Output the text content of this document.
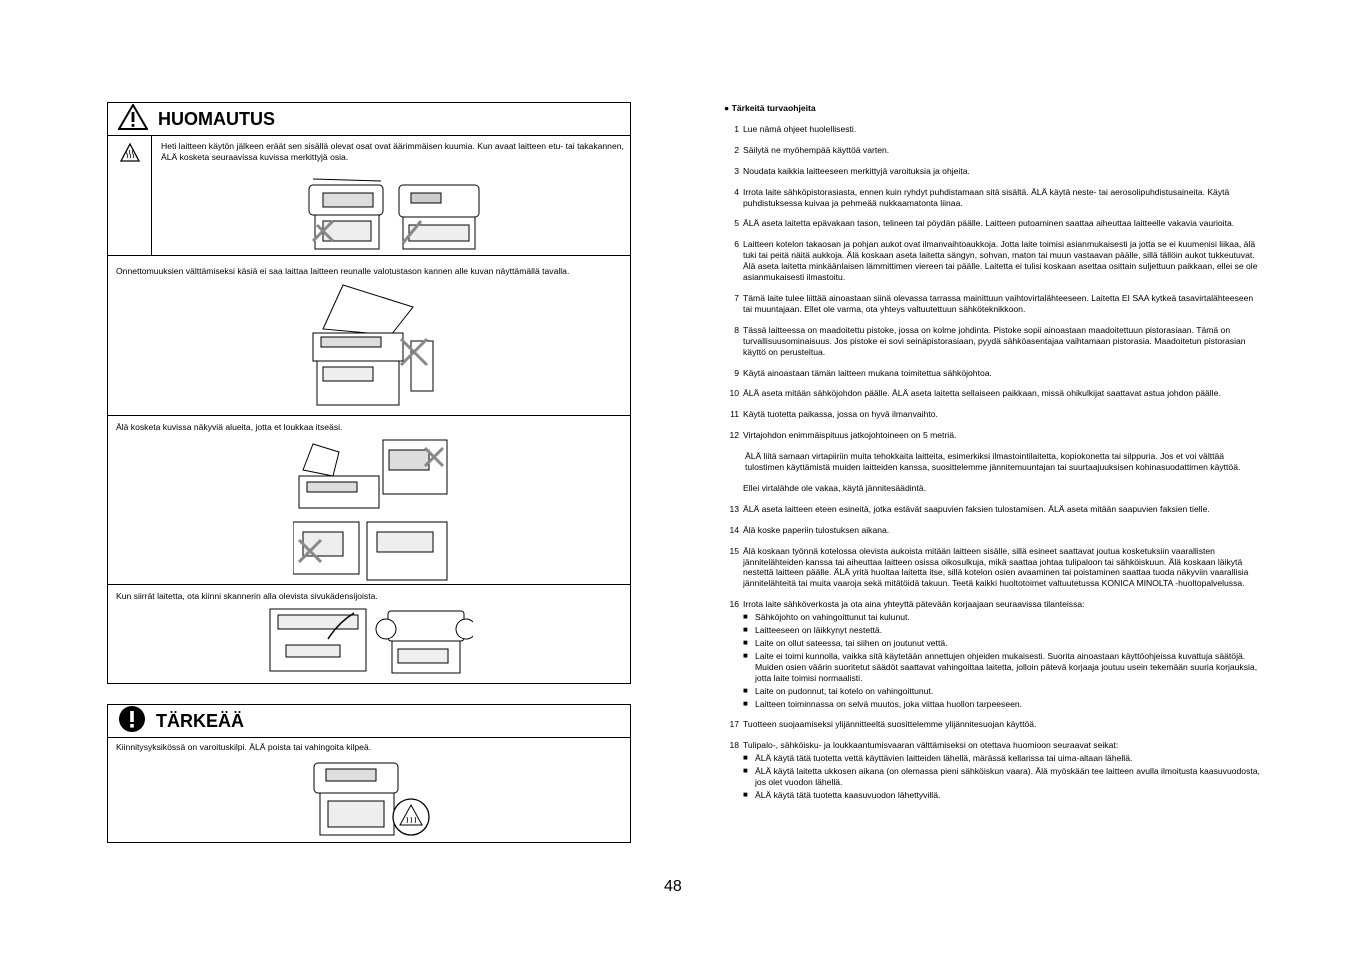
HUOMAUTUS
Heti laitteen käytön jälkeen eräät sen sisällä olevat osat ovat äärimmäisen kuumia. Kun avaat laitteen etu- tai takakannen, ÄLÄ kosketa seuraavissa kuvissa merkittyjä osia.
Onnettomuuksien välttämiseksi käsiä ei saa laittaa laitteen reunalle valotustason kannen alle kuvan näyttämällä tavalla.
Älä kosketa kuvissa näkyviä alueita, jotta et loukkaa itseäsi.
Kun siirrät laitetta, ota kiinni skannerin alla olevista sivukädensijoista.
TÄRKEÄÄ
Kiinnitysyksikössä on varoituskilpi. ÄLÄ poista tai vahingoita kilpeä.
● Tärkeitä turvaohjeita
1 Lue nämä ohjeet huolellisesti.
2 Säilytä ne myöhempää käyttöä varten.
3 Noudata kaikkia laitteeseen merkittyjä varoituksia ja ohjeita.
4 Irrota laite sähköpistorasiasta, ennen kuin ryhdyt puhdistamaan sitä sisältä. ÄLÄ käytä neste- tai aerosolipuhdistusaineita. Käytä puhdistuksessa kuivaa ja pehmeää nukkaamatonta liinaa.
5 ÄLÄ aseta laitetta epävakaan tason, telineen tai pöydän päälle. Laitteen putoaminen saattaa aiheuttaa laitteelle vakavia vaurioita.
6 Laitteen kotelon takaosan ja pohjan aukot ovat ilmanvaihtoaukkoja. Jotta laite toimisi asianmukaisesti ja jotta se ei kuumenisi liikaa, älä tuki tai peitä näitä aukkoja. Älä koskaan aseta laitetta sängyn, sohvan, maton tai muun vastaavan päälle, sillä tällöin aukot tukkeutuvat. Älä aseta laitetta minkäänlaisen lämmittimen viereen tai päälle. Laitetta ei tulisi koskaan asettaa osittain suljettuun paikkaan, ellei se ole asianmukaisesti ilmastoitu.
7 Tämä laite tulee liittää ainoastaan siinä olevassa tarrassa mainittuun vaihtovirtalähteeseen. Laitetta EI SAA kytkeä tasavirtalähteeseen tai muuntajaan. Ellet ole varma, ota yhteys valtuutettuun sähköteknikkoon.
8 Tässä laitteessa on maadoitettu pistoke, jossa on kolme johdinta. Pistoke sopii ainoastaan maadoitettuun pistorasiaan. Tämä on turvallisuusominaisuus. Jos pistoke ei sovi seinäpistorasiaan, pyydä sähköasentajaa vaihtamaan pistorasia. Maadoitetun pistorasian käyttö on perusteltua.
9 Käytä ainoastaan tämän laitteen mukana toimitettua sähköjohtoa.
10 ÄLÄ aseta mitään sähköjohdon päälle. ÄLÄ aseta laitetta sellaiseen paikkaan, missä ohikulkijat saattavat astua johdon päälle.
11 Käytä tuotetta paikassa, jossa on hyvä ilmanvaihto.
12 Virtajohdon enimmäispituus jatkojohtoineen on 5 metriä.
ÄLÄ liitä samaan virtapiiriin muita tehokkaita laitteita, esimerkiksi ilmastointilaitetta, kopiokonetta tai silppuria. Jos et voi välttää tulostimen käyttämistä muiden laitteiden kanssa, suosittelemme jännitemuuntajan tai suurtaajuuksisen kohinasuodattimen käyttöä.
Ellei virtalähde ole vakaa, käytä jännitesäädintä.
13 ÄLÄ aseta laitteen eteen esineitä, jotka estävät saapuvien faksien tulostamisen. ÄLÄ aseta mitään saapuvien faksien tielle.
14 Älä koske paperiin tulostuksen aikana.
15 Älä koskaan työnnä kotelossa olevista aukoista mitään laitteen sisälle, sillä esineet saattavat joutua kosketuksiin vaarallisten jännitelähteiden kanssa tai aiheuttaa laitteen osissa oikosulkuja, mikä saattaa johtaa tulipaloon tai sähköiskuun. Älä koskaan läikytä nestettä laitteen päälle. ÄLÄ yritä huoltaa laitetta itse, sillä kotelon osien avaaminen tai poistaminen saattaa tuoda näkyviin vaarallisia jännitelähteitä tai muita vaaroja sekä mitätöidä takuun. Teetä kaikki huoltotoimet valtuutetussa KONICA MINOLTA -huoltopalvelussa.
16 Irrota laite sähköverkosta ja ota aina yhteyttä pätevään korjaajaan seuraavissa tilanteissa:
■ Sähköjohto on vahingoittunut tai kulunut.
■ Laitteeseen on läikkynyt nestettä.
■ Laite on ollut sateessa, tai siihen on joutunut vettä.
■ Laite ei toimi kunnolla, vaikka sitä käytetään annettujen ohjeiden mukaisesti. Suorita ainoastaan käyttöohjeissa kuvattuja säätöjä. Muiden osien väärin suoritetut säädöt saattavat vahingoittaa laitetta, jolloin pätevä korjaaja joutuu usein tekemään suuria korjauksia, jotta laite toimisi normaalisti.
■ Laite on pudonnut, tai kotelo on vahingoittunut.
■ Laitteen toiminnassa on selvä muutos, joka viittaa huollon tarpeeseen.
17 Tuotteen suojaamiseksi ylijännitteeltä suosittelemme ylijännitesuojan käyttöä.
18 Tulipalo-, sähköisku- ja loukkaantumisvaaran välttämiseksi on otettava huomioon seuraavat seikat:
■ ÄLÄ käytä tätä tuotetta vettä käyttävien laitteiden lähellä, märässä kellarissa tai uima-altaan lähellä.
■ ÄLÄ käytä laitetta ukkosen aikana (on olemassa pieni sähköiskun vaara). Älä myöskään tee laitteen avulla ilmoitusta kaasuvuodosta, jos olet vuodon lähellä.
■ ÄLÄ käytä tätä tuotetta kaasuvuodon lähettyvillä.
48
